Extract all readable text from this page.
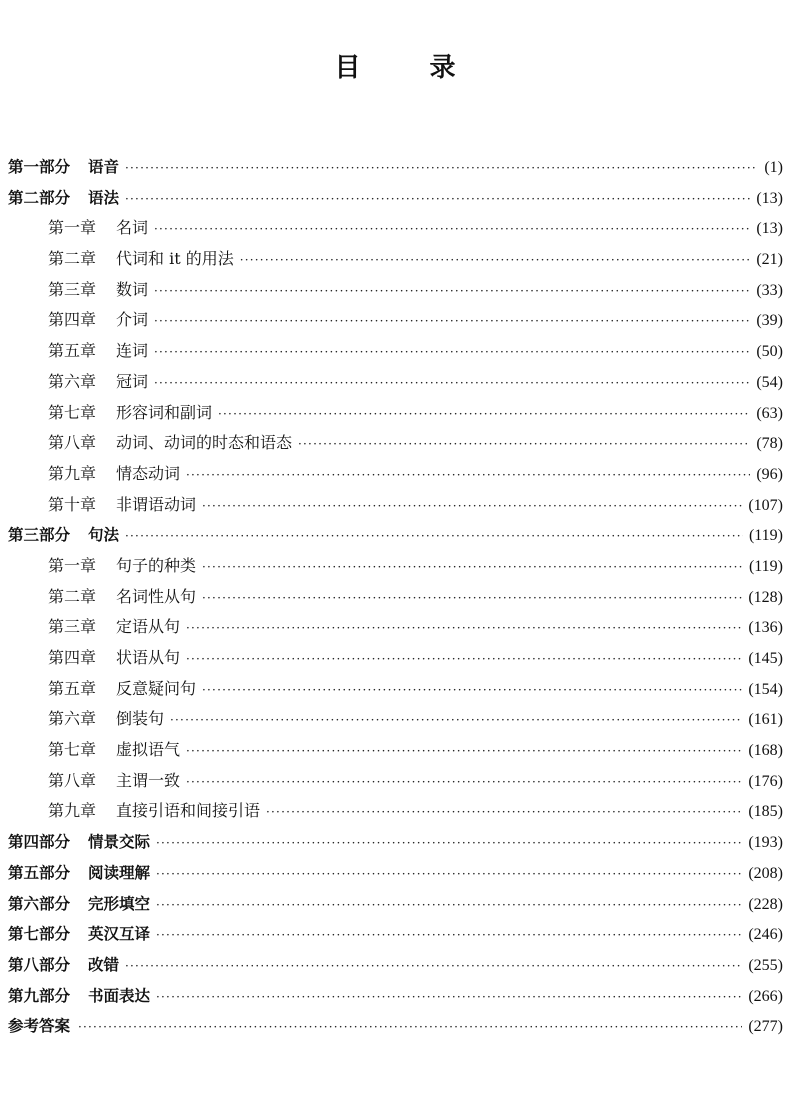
目 录
第一部分 语音 ·····	(1)
第二部分 语法 ·····	(13)
第一章 名词 ·····	(13)
第二章 代词和 it 的用法 ·····	(21)
第三章 数词 ·····	(33)
第四章 介词 ·····	(39)
第五章 连词 ·····	(50)
第六章 冠词 ·····	(54)
第七章 形容词和副词 ·····	(63)
第八章 动词、动词的时态和语态 ·····	(78)
第九章 情态动词 ·····	(96)
第十章 非谓语动词 ·····	(107)
第三部分 句法 ·····	(119)
第一章 句子的种类 ·····	(119)
第二章 名词性从句 ·····	(128)
第三章 定语从句 ·····	(136)
第四章 状语从句 ·····	(145)
第五章 反意疑问句 ·····	(154)
第六章 倒装句 ·····	(161)
第七章 虚拟语气 ·····	(168)
第八章 主谓一致 ·····	(176)
第九章 直接引语和间接引语 ·····	(185)
第四部分 情景交际 ·····	(193)
第五部分 阅读理解 ·····	(208)
第六部分 完形填空 ·····	(228)
第七部分 英汉互译 ·····	(246)
第八部分 改错 ·····	(255)
第九部分 书面表达 ·····	(266)
参考答案 ·····	(277)
